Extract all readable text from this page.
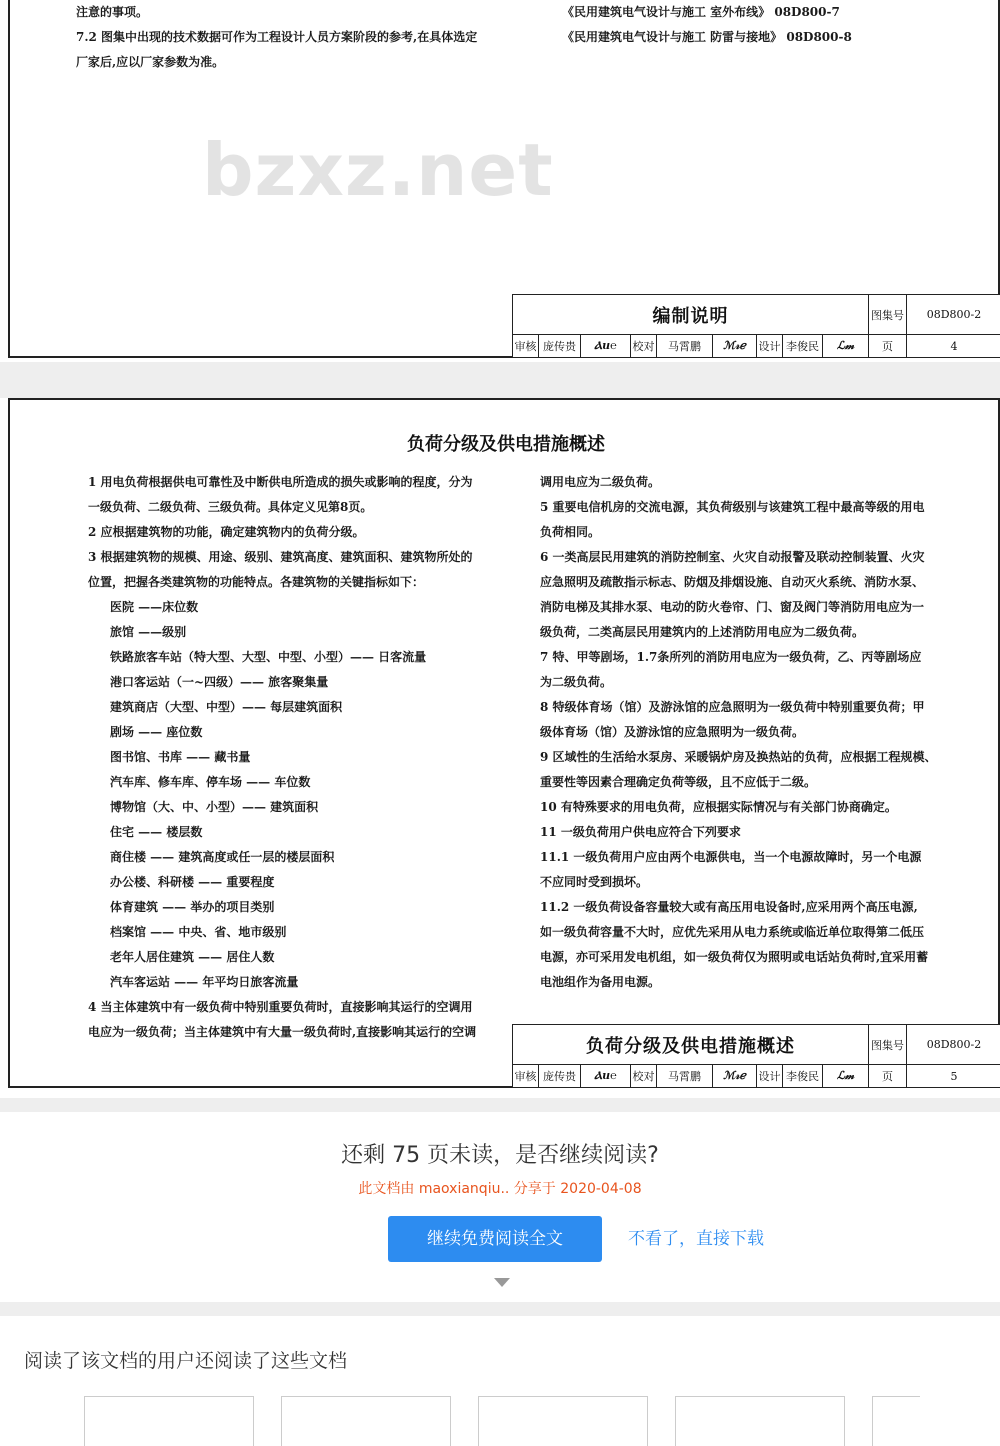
注意的事项。
7.2 图集中出现的技术数据可作为工程设计人员方案阶段的参考,在具体选定
厂家后,应以厂家参数为准。
《民用建筑电气设计与施工 室外布线》 08D800-7
《民用建筑电气设计与施工 防雷与接地》 08D800-8
bzxz.net
编制说明	图集号	08D800-2
审核 庞传贵	Ⲁu℮	校对	马霄鹏	ℳ𝓇ℯ	设计 李俊民	ℒ𝓂	页	4
负荷分级及供电措施概述
1 用电负荷根据供电可靠性及中断供电所造成的损失或影响的程度，分为
一级负荷、二级负荷、三级负荷。具体定义见第8页。
2 应根据建筑物的功能，确定建筑物内的负荷分级。
3 根据建筑物的规模、用途、级别、建筑高度、建筑面积、建筑物所处的
位置，把握各类建筑物的功能特点。各建筑物的关键指标如下：
医院 ——床位数
旅馆 ——级别
铁路旅客车站（特大型、大型、中型、小型）—— 日客流量
港口客运站（一~四级）—— 旅客聚集量
建筑商店（大型、中型）—— 每层建筑面积
剧场 —— 座位数
图书馆、书库 —— 藏书量
汽车库、修车库、停车场 —— 车位数
博物馆（大、中、小型）—— 建筑面积
住宅 —— 楼层数
商住楼 —— 建筑高度或任一层的楼层面积
办公楼、科研楼 —— 重要程度
体育建筑 —— 举办的项目类别
档案馆 —— 中央、省、地市级别
老年人居住建筑 —— 居住人数
汽车客运站 —— 年平均日旅客流量
4 当主体建筑中有一级负荷中特别重要负荷时，直接影响其运行的空调用
电应为一级负荷；当主体建筑中有大量一级负荷时,直接影响其运行的空调
调用电应为二级负荷。
5 重要电信机房的交流电源，其负荷级别与该建筑工程中最高等级的用电
负荷相同。
6 一类高层民用建筑的消防控制室、火灾自动报警及联动控制装置、火灾
应急照明及疏散指示标志、防烟及排烟设施、自动灭火系统、消防水泵、
消防电梯及其排水泵、电动的防火卷帘、门、窗及阀门等消防用电应为一
级负荷，二类高层民用建筑内的上述消防用电应为二级负荷。
7 特、甲等剧场，1.7条所列的消防用电应为一级负荷，乙、丙等剧场应
为二级负荷。
8 特级体育场（馆）及游泳馆的应急照明为一级负荷中特别重要负荷；甲
级体育场（馆）及游泳馆的应急照明为一级负荷。
9 区域性的生活给水泵房、采暖锅炉房及换热站的负荷，应根据工程规模、
重要性等因素合理确定负荷等级，且不应低于二级。
10 有特殊要求的用电负荷，应根据实际情况与有关部门协商确定。
11 一级负荷用户供电应符合下列要求
11.1 一级负荷用户应由两个电源供电，当一个电源故障时，另一个电源
不应同时受到损坏。
11.2 一级负荷设备容量较大或有高压用电设备时,应采用两个高压电源,
如一级负荷容量不大时，应优先采用从电力系统或临近单位取得第二低压
电源，亦可采用发电机组，如一级负荷仅为照明或电话站负荷时,宜采用蓄
电池组作为备用电源。
负荷分级及供电措施概述	图集号	08D800-2
审核 庞传贵	Ⲁu℮	校对	马霄鹏	ℳ𝓇ℯ	设计 李俊民	ℒ𝓂	页	5
还剩 75 页未读，是否继续阅读?
此文档由 maoxianqiu.. 分享于 2020-04-08
继续免费阅读全文	不看了，直接下载
阅读了该文档的用户还阅读了这些文档
